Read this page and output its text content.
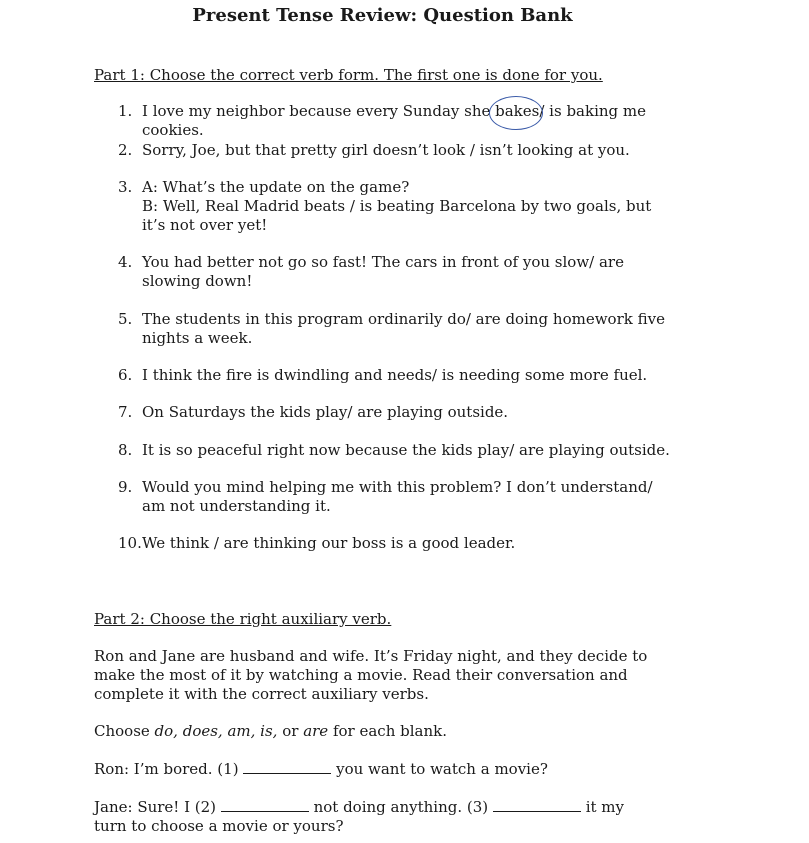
Present Tense Review: Question Bank
Part 1: Choose the correct verb form. The first one is done for you.
1. I love my neighbor because every Sunday she bakes
/ is baking me cookies.
2. Sorry, Joe, but that pretty girl doesn’t look / isn’t looking at you.
3. A: What’s the update on the game?
B: Well, Real Madrid beats / is beating Barcelona by two goals, but it’s not over yet!
4. You had better not go so fast! The cars in front of you slow/ are slowing down!
5. The students in this program ordinarily do/ are doing homework five nights a week.
6. I think the fire is dwindling and needs/ is needing some more fuel.
7. On Saturdays the kids play/ are playing outside.
8. It is so peaceful right now because the kids play/ are playing outside.
9. Would you mind helping me with this problem? I don’t understand/ am not understanding it.
10. We think / are thinking our boss is a good leader.
Part 2: Choose the right auxiliary verb.
Ron and Jane are husband and wife. It’s Friday night, and they decide to make the most of it by watching a movie. Read their conversation and complete it with the correct auxiliary verbs.
Choose do, does, am, is, or are for each blank.
Ron: I’m bored. (1)	you want to watch a movie?
Jane: Sure! I (2)	not doing anything. (3)	it my turn to choose a movie or yours?
